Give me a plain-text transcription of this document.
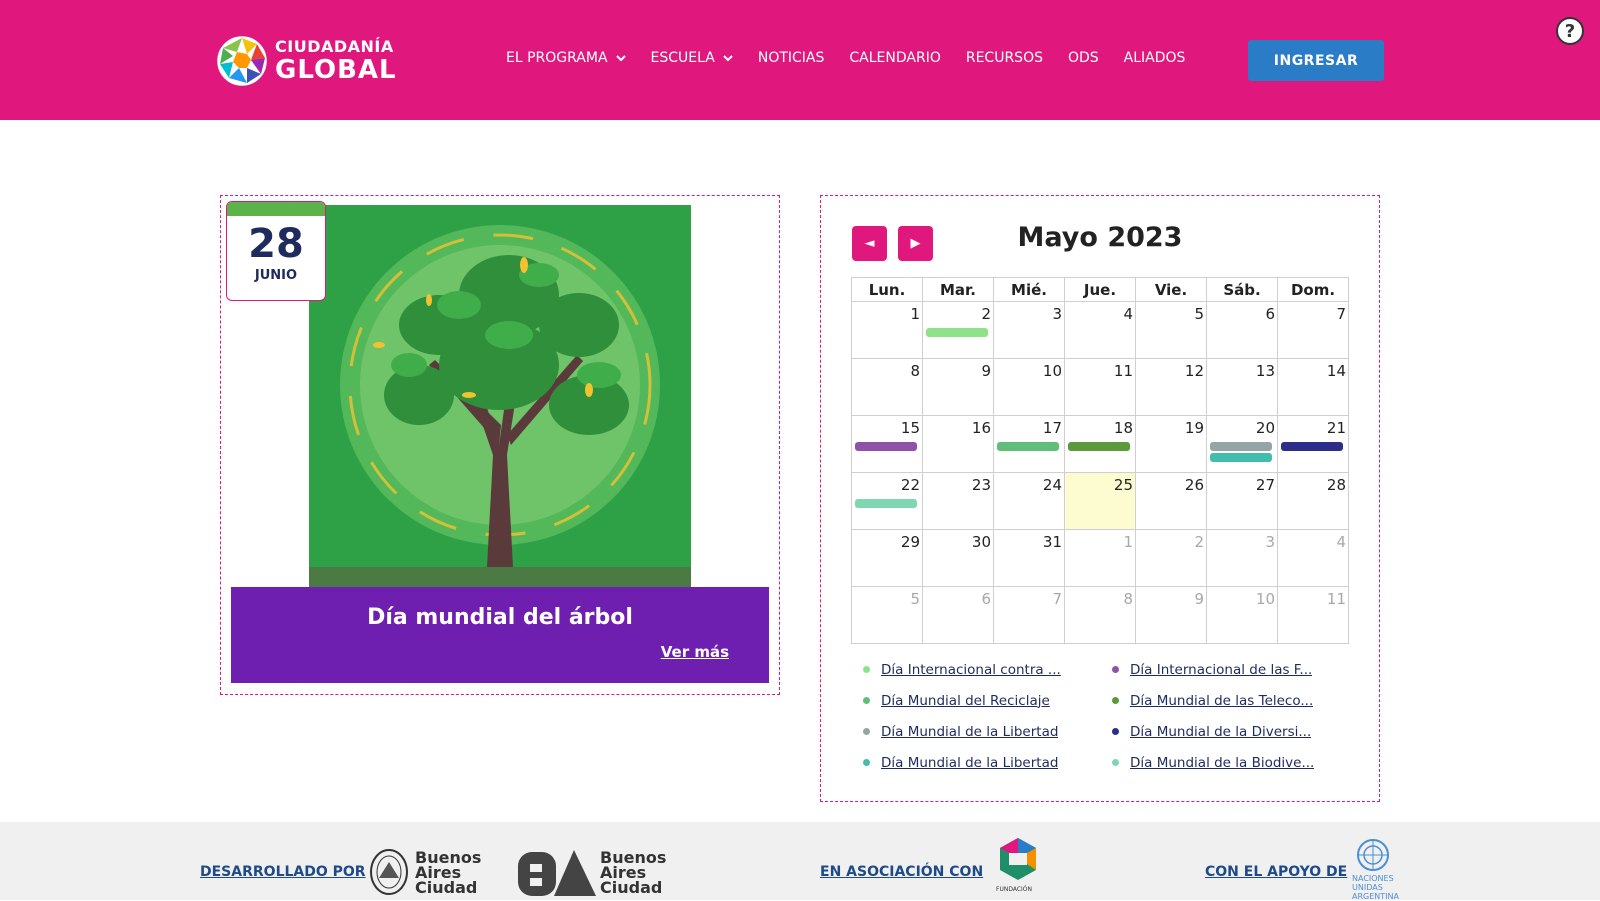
CIUDADANÍA
GLOBAL	EL PROGRAMA	ESCUELA	NOTICIAS CALENDARIO RECURSOS ODS ALIADOS	INGRESAR
?
28
JUNIO
Día mundial del árbol
Ver más
◄	▶	Mayo 2023
Lun.	Mar.	Mié.	Jue.	Vie.	Sáb.	Dom.

1	2	3	4	5	6	7

8	9	10	11	12	13	14

15	16	17	18	19	20	21

22	23	24	25	26	27	28

29	30	31	1	2	3	4

5	6	7	8	9	10	11
Día Internacional contra ...	Día Internacional de las F...
Día Mundial del Reciclaje	Día Mundial de las Teleco...
Día Mundial de la Libertad	Día Mundial de la Diversi...
Día Mundial de la Libertad	Día Mundial de la Biodive...
DESARROLLADO POR
Buenos
Aires
Ciudad
Buenos
Aires
Ciudad
EN ASOCIACIÓN CON
FUNDACIÓN
CON EL APOYO DE NACIONES
UNIDAS
ARGENTINA
